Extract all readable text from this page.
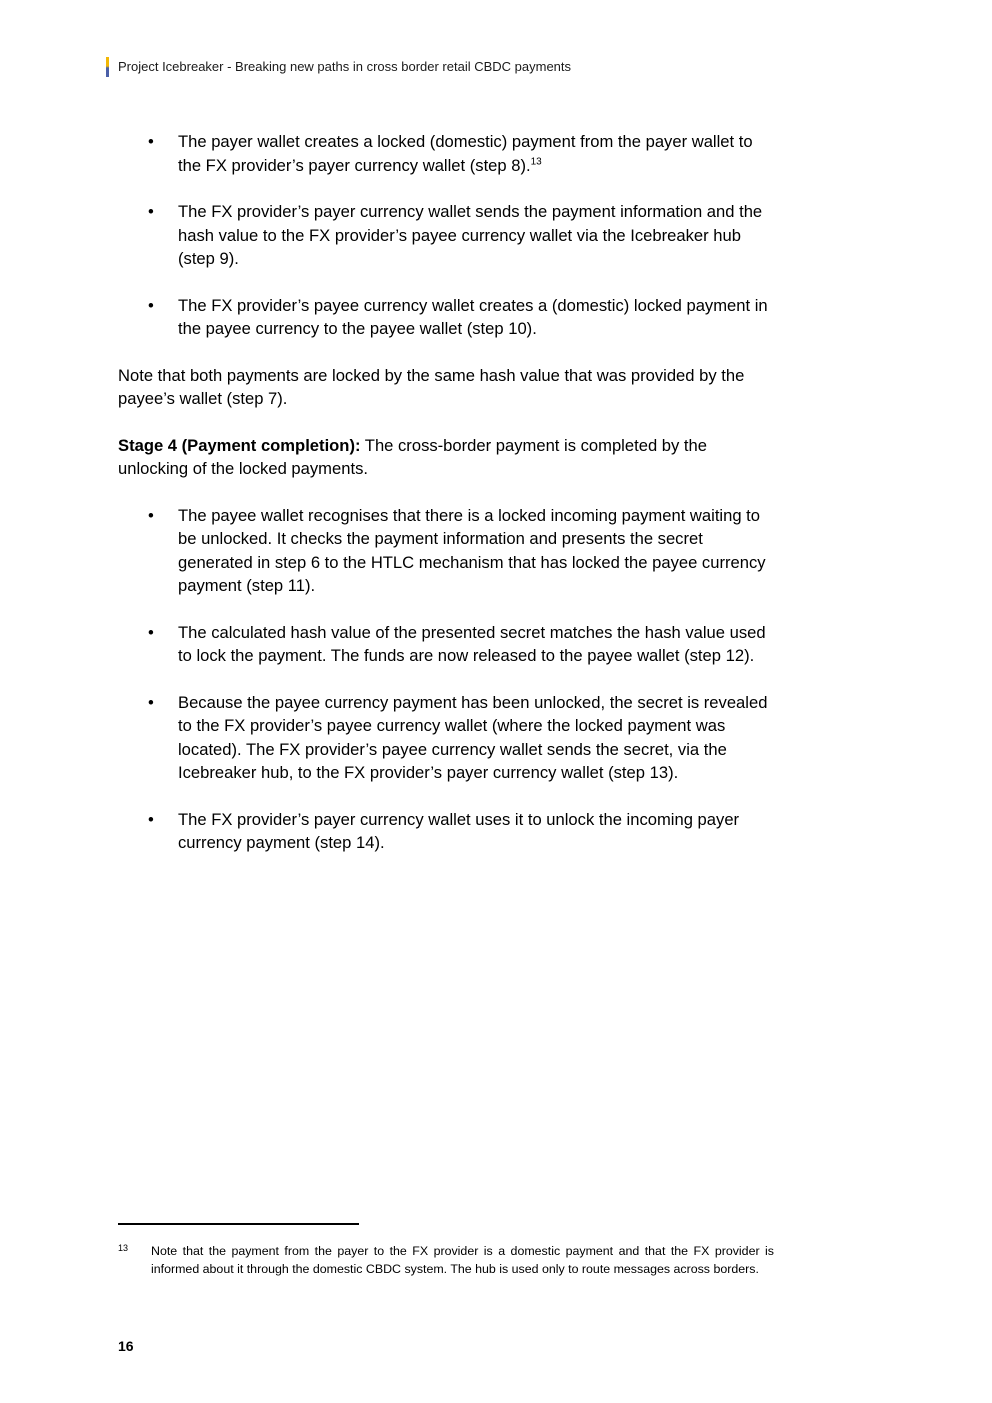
Project Icebreaker - Breaking new paths in cross border retail CBDC payments
• The payer wallet creates a locked (domestic) payment from the payer wallet to the FX provider’s payer currency wallet (step 8).$^{13}$
• The FX provider’s payer currency wallet sends the payment information and the hash value to the FX provider’s payee currency wallet via the Icebreaker hub (step 9).
• The FX provider’s payee currency wallet creates a (domestic) locked payment in the payee currency to the payee wallet (step 10).

Note that both payments are locked by the same hash value that was provided by the payee’s wallet (step 7).

Stage 4 (Payment completion): The cross-border payment is completed by the unlocking of the locked payments.

• The payee wallet recognises that there is a locked incoming payment waiting to be unlocked. It checks the payment information and presents the secret generated in step 6 to the HTLC mechanism that has locked the payee currency payment (step 11).
• The calculated hash value of the presented secret matches the hash value used to lock the payment. The funds are now released to the payee wallet (step 12).
• Because the payee currency payment has been unlocked, the secret is revealed to the FX provider’s payee currency wallet (where the locked payment was located). The FX provider’s payee currency wallet sends the secret, via the Icebreaker hub, to the FX provider’s payer currency wallet (step 13).
• The FX provider’s payer currency wallet uses it to unlock the incoming payer currency payment (step 14).
13 Note that the payment from the payer to the FX provider is a domestic payment and that the FX provider is informed about it through the domestic CBDC system. The hub is used only to route messages across borders.
16
